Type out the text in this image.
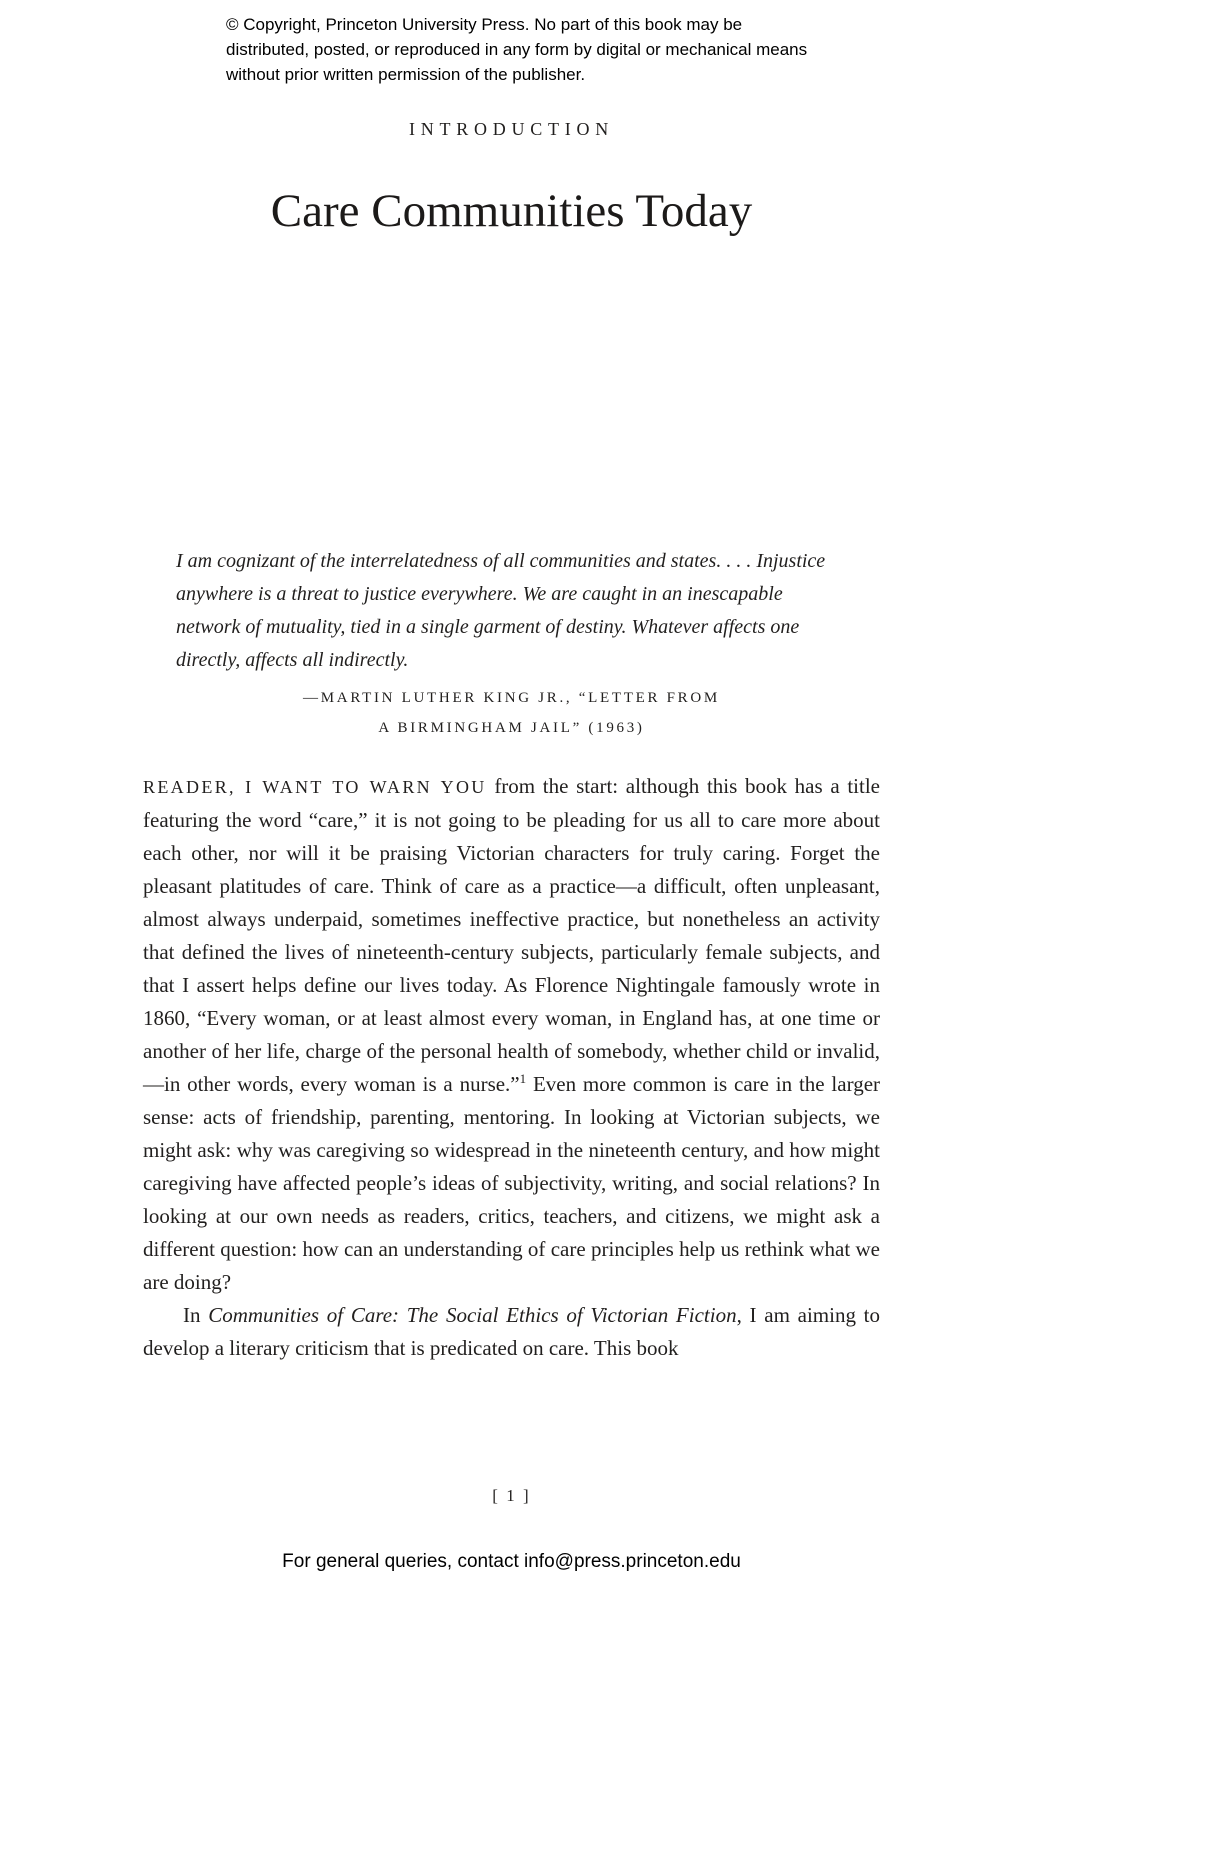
© Copyright, Princeton University Press. No part of this book may be distributed, posted, or reproduced in any form by digital or mechanical means without prior written permission of the publisher.
INTRODUCTION
Care Communities Today
I am cognizant of the interrelatedness of all communities and states. . . . Injustice anywhere is a threat to justice everywhere. We are caught in an inescapable network of mutuality, tied in a single garment of destiny. Whatever affects one directly, affects all indirectly.
—MARTIN LUTHER KING JR., “LETTER FROM
A BIRMINGHAM JAIL” (1963)

READER, I WANT TO WARN YOU from the start: although this book has a title featuring the word “care,” it is not going to be pleading for us all to care more about each other, nor will it be praising Victorian characters for truly caring. Forget the pleasant platitudes of care. Think of care as a practice—a difficult, often unpleasant, almost always underpaid, sometimes ineffective practice, but nonetheless an activity that defined the lives of nineteenth-century subjects, particularly female subjects, and that I assert helps define our lives today. As Florence Nightingale famously wrote in 1860, “Every woman, or at least almost every woman, in England has, at one time or another of her life, charge of the personal health of somebody, whether child or invalid,—in other words, every woman is a nurse.”$^1$ Even more common is care in the larger sense: acts of friendship, parenting, mentoring. In looking at Victorian subjects, we might ask: why was caregiving so widespread in the nineteenth century, and how might caregiving have affected people’s ideas of subjectivity, writing, and social relations? In looking at our own needs as readers, critics, teachers, and citizens, we might ask a different question: how can an understanding of care principles help us rethink what we are doing?

In Communities of Care: The Social Ethics of Victorian Fiction, I am aiming to develop a literary criticism that is predicated on care. This book

[ 1 ]
For general queries, contact info@press.princeton.edu
